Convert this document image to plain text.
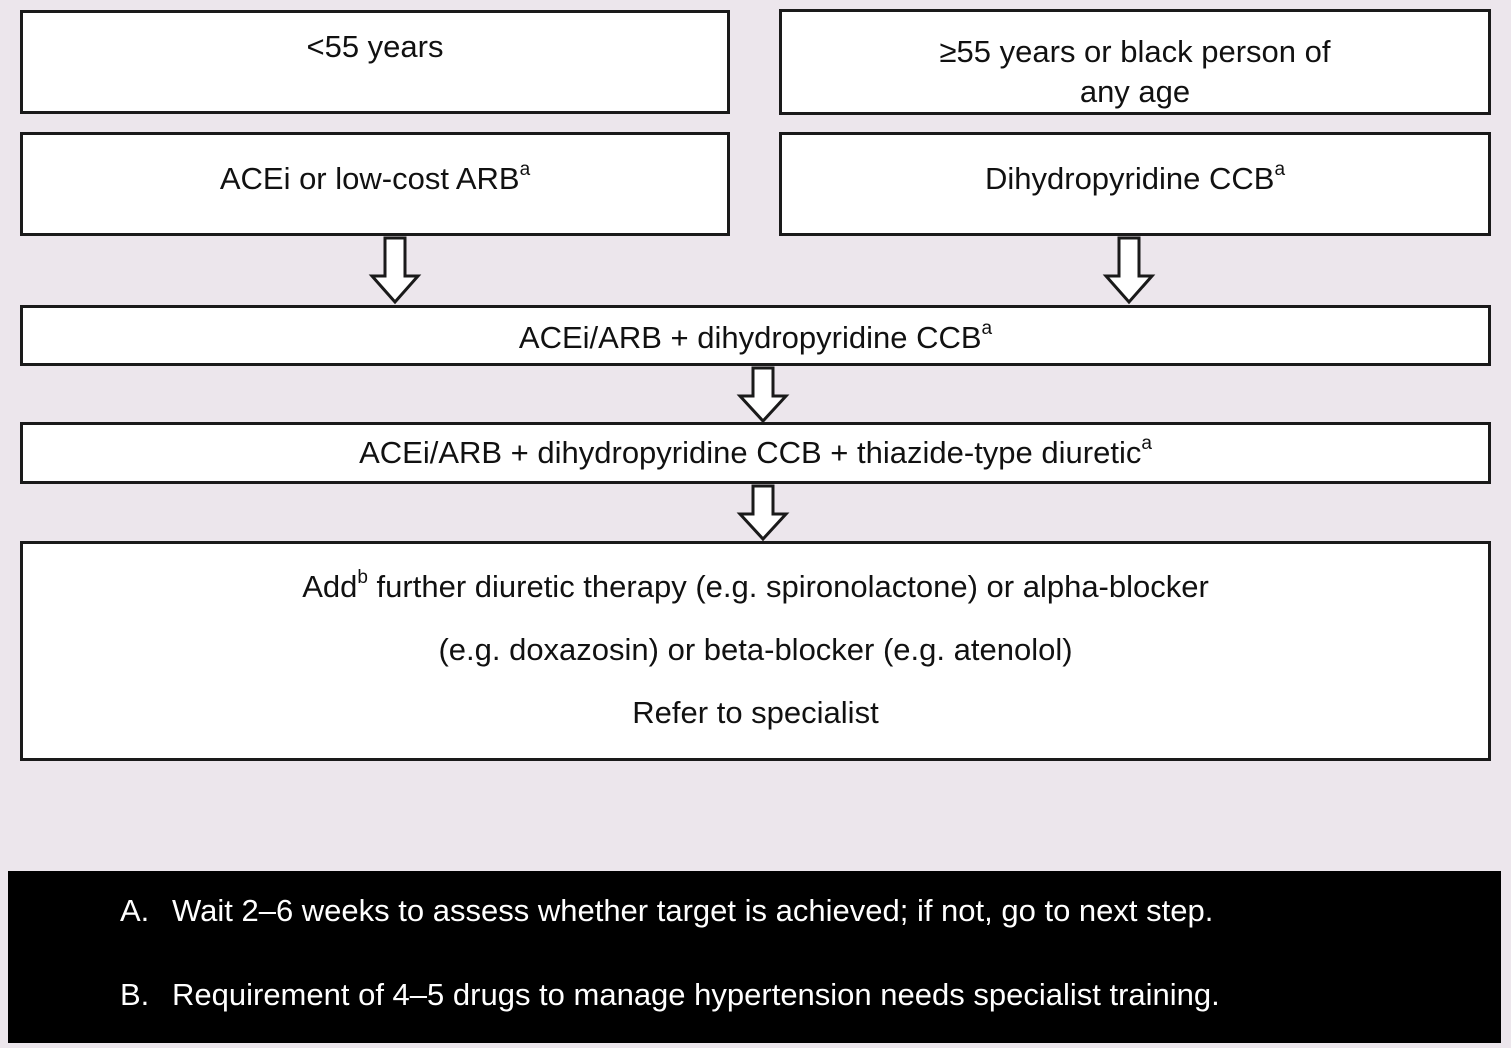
<55 years	≥55 years or black person of
any age
ACEi or low-cost ARB$^a$	Dihydropyridine CCB$^a$
ACEi/ARB + dihydropyridine CCB$^a$
ACEi/ARB + dihydropyridine CCB + thiazide-type diuretic$^a$
Add$^b$ further diuretic therapy (e.g. spironolactone) or alpha-blocker
(e.g. doxazosin) or beta-blocker (e.g. atenolol)
Refer to specialist
A. Wait 2–6 weeks to assess whether target is achieved; if not, go to next step.
B. Requirement of 4–5 drugs to manage hypertension needs specialist training.
